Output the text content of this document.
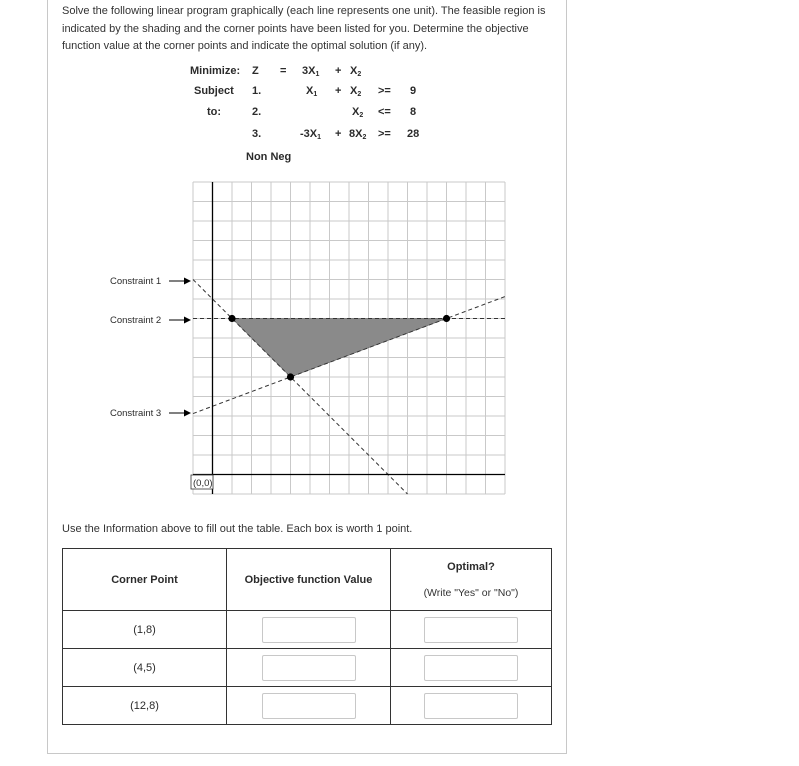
Solve the following linear program graphically (each line represents one unit). The feasible region is indicated by the shading and the corner points have been listed for you. Determine the objective function value at the corner points and indicate the optimal solution (if any).
Minimize: $Z = 3X_1 + X_2$
Subject
to:
1.	$X_1 + X_2 >= 9$
2.	$X_2 <= 8$
3.	$-3X_1 + 8X_2 >= 28$
Non Neg
Constraint 1
Constraint 2
Constraint 3
(0,0)
Use the Information above to fill out the table. Each box is worth 1 point.
Corner Point	Objective function Value	Optimal?
(Write "Yes" or "No")

(1,8)		
(4,5)		
(12,8)		
